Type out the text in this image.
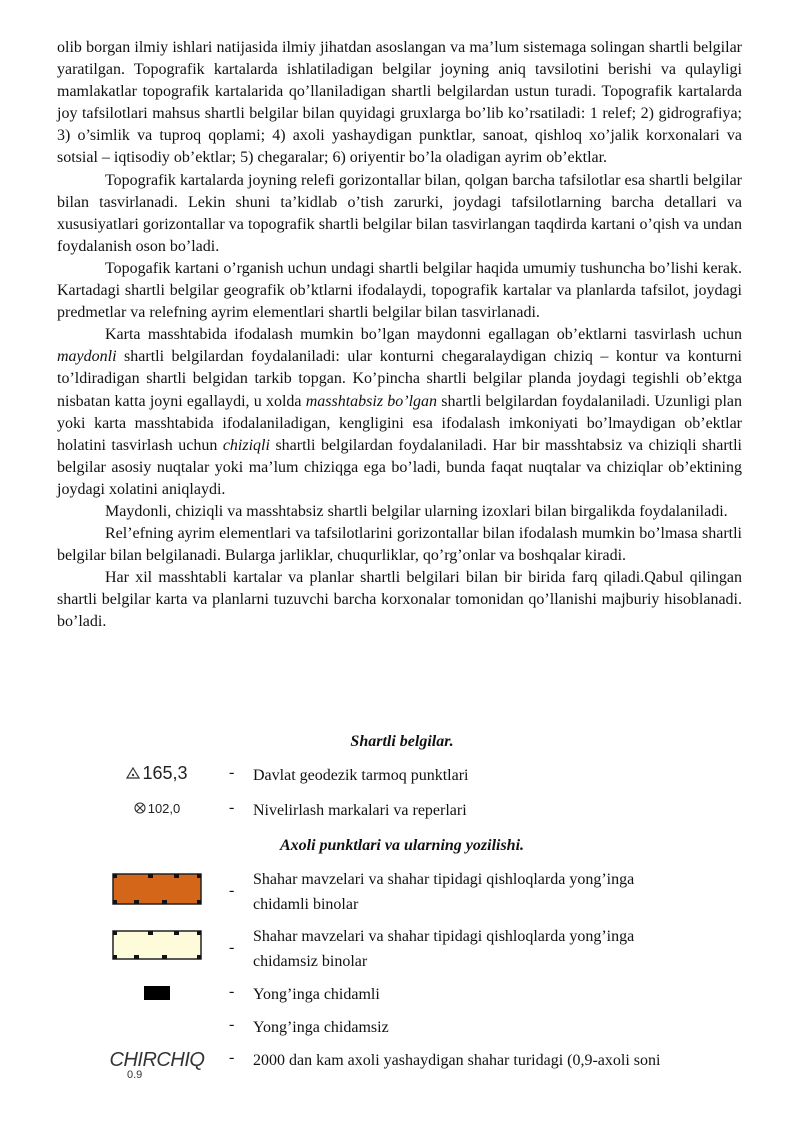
olib borgan ilmiy ishlari natijasida ilmiy jihatdan asoslangan va ma’lum sistemaga solingan shartli belgilar yaratilgan. Topografik kartalarda ishlatiladigan belgilar joyning aniq tavsilotini berishi va qulayligi mamlakatlar topografik kartalarida qo’llaniladigan shartli belgilardan ustun turadi. Topografik kartalarda joy tafsilotlari mahsus shartli belgilar bilan quyidagi gruxlarga bo’lib ko’rsatiladi: 1 relef; 2) gidrografiya; 3) o’simlik va tuproq qoplami; 4) axoli yashaydigan punktlar, sanoat, qishloq xo’jalik korxonalari va sotsial – iqtisodiy ob’ektlar; 5) chegaralar; 6) oriyentir bo’la oladigan ayrim ob’ektlar.

Topografik kartalarda joyning relefi gorizontallar bilan, qolgan barcha tafsilotlar esa shartli belgilar bilan tasvirlanadi. Lekin shuni ta’kidlab o’tish zarurki, joydagi tafsilotlarning barcha detallari va xususiyatlari gorizontallar va topografik shartli belgilar bilan tasvirlangan taqdirda kartani o’qish va undan foydalanish oson bo’ladi.

Topogafik kartani o’rganish uchun undagi shartli belgilar haqida umumiy tushuncha bo’lishi kerak. Kartadagi shartli belgilar geografik ob’ktlarni ifodalaydi, topografik kartalar va planlarda tafsilot, joydagi predmetlar va relefning ayrim elementlari shartli belgilar bilan tasvirlanadi.

Karta masshtabida ifodalash mumkin bo’lgan maydonni egallagan ob’ektlarni tasvirlash uchun maydonli shartli belgilardan foydalaniladi: ular konturni chegaralaydigan chiziq – kontur va konturni to’ldiradigan shartli belgidan tarkib topgan. Ko’pincha shartli belgilar planda joydagi tegishli ob’ektga nisbatan katta joyni egallaydi, u xolda masshtabsiz bo’lgan shartli belgilardan foydalaniladi. Uzunligi plan yoki karta masshtabida ifodalaniladigan, kengligini esa ifodalash imkoniyati bo’lmaydigan ob’ektlar holatini tasvirlash uchun chiziqli shartli belgilardan foydalaniladi. Har bir masshtabsiz va chiziqli shartli belgilar asosiy nuqtalar yoki ma’lum chiziqga ega bo’ladi, bunda faqat nuqtalar va chiziqlar ob’ektining joydagi xolatini aniqlaydi.

Maydonli, chiziqli va masshtabsiz shartli belgilar ularning izoxlari bilan birgalikda foydalaniladi.

Rel’efning ayrim elementlari va tafsilotlarini gorizontallar bilan ifodalash mumkin bo’lmasa shartli belgilar bilan belgilanadi. Bularga jarliklar, chuqurliklar, qo’rg’onlar va boshqalar kiradi.

Har xil masshtabli kartalar va planlar shartli belgilari bilan bir birida farq qiladi.Qabul qilingan shartli belgilar karta va planlarni tuzuvchi barcha korxonalar tomonidan qo’llanishi majburiy hisoblanadi. bo’ladi.

Shartli belgilar.

165,3	- Davlat geodezik tarmoq punktlari
102,0	- Nivelirlash markalari va reperlari

Axoli punktlari va ularning yozilishi.

-
Shahar mavzelari va shahar tipidagi qishloqlarda yong’inga
chidamli binolar
-
Shahar mavzelari va shahar tipidagi qishloqlarda yong’inga
chidamsiz binolar
- Yong’inga chidamli
- Yong’inga chidamsiz
CHIRCHIQ
0.9
- 2000 dan kam axoli yashaydigan shahar turidagi (0,9-axoli soni
